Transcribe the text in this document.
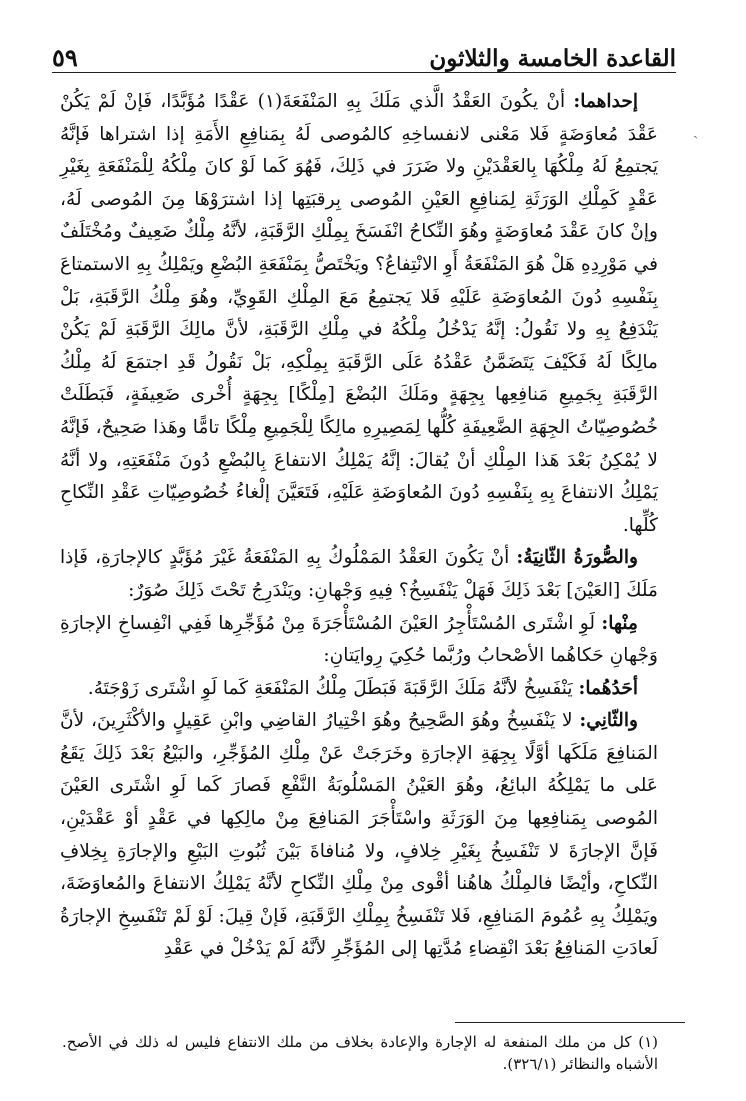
٥٩	القاعدة الخامسة والثلاثون
ˏ

إحداهما: أنْ يكُونَ العَقْدُ الَّذي مَلَكَ بِهِ المَنْفَعَةَ(١) عَقْدًا مُؤَبَّدًا، فَإنْ لَمْ يَكُنْ عَقْدَ مُعاوَضَةٍ فَلا مَعْنى لانفساخِهِ كالمُوصى لَهُ بِمَنافِعِ الأَمَةِ إذا اشتراها فَإنَّهُ يَجتمِعُ لَهُ مِلْكُهَا بِالعَقْدَيْنِ ولا ضَرَرَ في ذَلِكَ، فَهُوَ كَما لَوْ كانَ مِلْكُهُ لِلْمَنْفَعَةِ بِغَيْرِ عَقْدٍ كَمِلْكِ الوَرَثَةِ لِمَنافِعِ العَيْنِ المُوصى بِرقبَتِها إذا اشترَوْهَا مِنَ المُوصى لَهُ، وإنْ كانَ عَقْدَ مُعاوَضَةٍ وهُوَ النِّكاحُ انْفَسَخَ بِمِلْكِ الرَّقَبَةِ، لأنَّهُ مِلْكٌ ضَعِيفٌ ومُخْتَلَفٌ في مَوْرِدِهِ هَلْ هُوَ المَنْفَعَةُ أَوِ الانْتِفاعُ؟ ويَخْتَصُّ بِمَنْفَعَةِ البُضْعِ ويَمْلِكُ بِهِ الاستمتاعَ بِنَفْسِهِ دُونَ المُعاوَضَةِ عَلَيْهِ فَلا يَجتمِعُ مَعَ المِلْكِ القَوِيِّ، وهُوَ مِلْكُ الرَّقَبَةِ، بَلْ يَنْدَفِعُ بِهِ ولا نَقُولُ: إنَّهُ يَدْخُلُ مِلْكُهُ في مِلْكِ الرَّقَبَةِ، لأنَّ مالِكَ الرَّقَبَةِ لَمْ يَكُنْ مالِكًا لَهُ فَكَيْفَ يَتَضَمَّنُ عَقْدُهُ عَلَى الرَّقَبَةِ بِمِلْكِهِ، بَلْ نَقُولُ قَدِ اجتمَعَ لَهُ مِلْكُ الرَّقَبَةِ بِجَمِيعِ مَنافِعِها بِجِهَةٍ ومَلَكَ البُضْعَ [مِلْكًا] بِجِهَةٍ أُخْرى ضَعِيفَةٍ، فَبَطَلَتْ خُصُوصِيّاتُ الجِهَةِ الضَّعِيفَةِ كُلُّها لِمَصِيرِهِ مالِكًا لِلْجَمِيعِ مِلْكًا تامًّا وهَذا صَحِيحٌ، فَإنَّهُ لا يُمْكِنُ بَعْدَ هَذا المِلْكِ أنْ يُقالَ: إنَّهُ يَمْلِكُ الانتفاعَ بِالبُضْعِ دُونَ مَنْفَعَتِهِ، ولا أنَّهُ يَمْلِكُ الانتفاعَ بِهِ بِنَفْسِهِ دُونَ المُعاوَضَةِ عَلَيْهِ، فَتَعَيَّنَ إلْغاءُ خُصُوصِيّاتِ عَقْدِ النِّكاحِ كُلِّها.

والصُّورَةُ الثّانِيَةُ: أنْ يَكُونَ العَقْدُ المَمْلُوكُ بِهِ المَنْفَعَةُ غَيْرَ مُؤَبَّدٍ كالإجارَةِ، فَإذا مَلَكَ [العَيْنَ] بَعْدَ ذَلِكَ فَهَلْ يَنْفَسِخُ؟ فِيهِ وَجْهانِ: ويَنْدَرِجُ تَحْتَ ذَلِكَ صُوَرٌ:

مِنْها: لَوِ اشْتَرى المُسْتَأْجِرُ العَيْنَ المُسْتَأْجَرَةَ مِنْ مُؤَجِّرِها فَفِي انْفِساخِ الإجارَةِ وَجْهانِ حَكاهُما الأصْحابُ ورُبَّما حُكِيَ رِوايَتانِ:

أحَدُهُما: يَنْفَسِخُ لأنَّهُ مَلَكَ الرَّقَبَةَ فَبَطَلَ مِلْكُ المَنْفَعَةِ كَما لَوِ اشْتَرى زَوْجَتَهُ.

والثّانِي: لا يَنْفَسِخُ وهُوَ الصَّحِيحُ وهُوَ اخْتِيارُ القاضِي وابْنِ عَقِيلٍ والأكْثَرِينَ، لأنَّ المَنافِعَ مَلَكَها أوَّلًا بِجِهَةِ الإجارَةِ وخَرَجَتْ عَنْ مِلْكِ المُؤَجِّرِ، والبَيْعُ بَعْدَ ذَلِكَ يَقَعُ عَلى ما يَمْلِكُهُ البائِعُ، وهُوَ العَيْنُ المَسْلُوبَةُ النَّفْعِ فَصارَ كَما لَوِ اشْتَرى العَيْنَ المُوصى بِمَنافِعِها مِنَ الوَرَثَةِ واسْتَأْجَرَ المَنافِعَ مِنْ مالِكِها في عَقْدٍ أوْ عَقْدَيْنِ، فَإنَّ الإجارَةَ لا تَنْفَسِخُ بِغَيْرِ خِلافٍ، ولا مُنافاةَ بَيْنَ ثُبُوتِ البَيْعِ والإجارَةِ بِخِلافِ النِّكاحِ، وأيْضًا فالمِلْكُ هاهُنا أقْوى مِنْ مِلْكِ النِّكاحِ لأنَّهُ يَمْلِكُ الانتفاعَ والمُعاوَضَةَ، ويَمْلِكُ بِهِ عُمُومَ المَنافِعِ، فَلا تَنْفَسِخُ بِمِلْكِ الرَّقَبَةِ، فَإنْ قِيلَ: لَوْ لَمْ تَنْفَسِخِ الإجارَةُ لَعادَتِ المَنافِعُ بَعْدَ انْقِضاءِ مُدَّتِها إلى المُؤَجِّرِ لأنَّهُ لَمْ يَدْخُلْ في عَقْدِ

(١) كل من ملك المنفعة له الإجارة والإعادة بخلاف من ملك الانتفاع فليس له ذلك في الأصح. الأشباه والنظائر (٣٢٦/١).
